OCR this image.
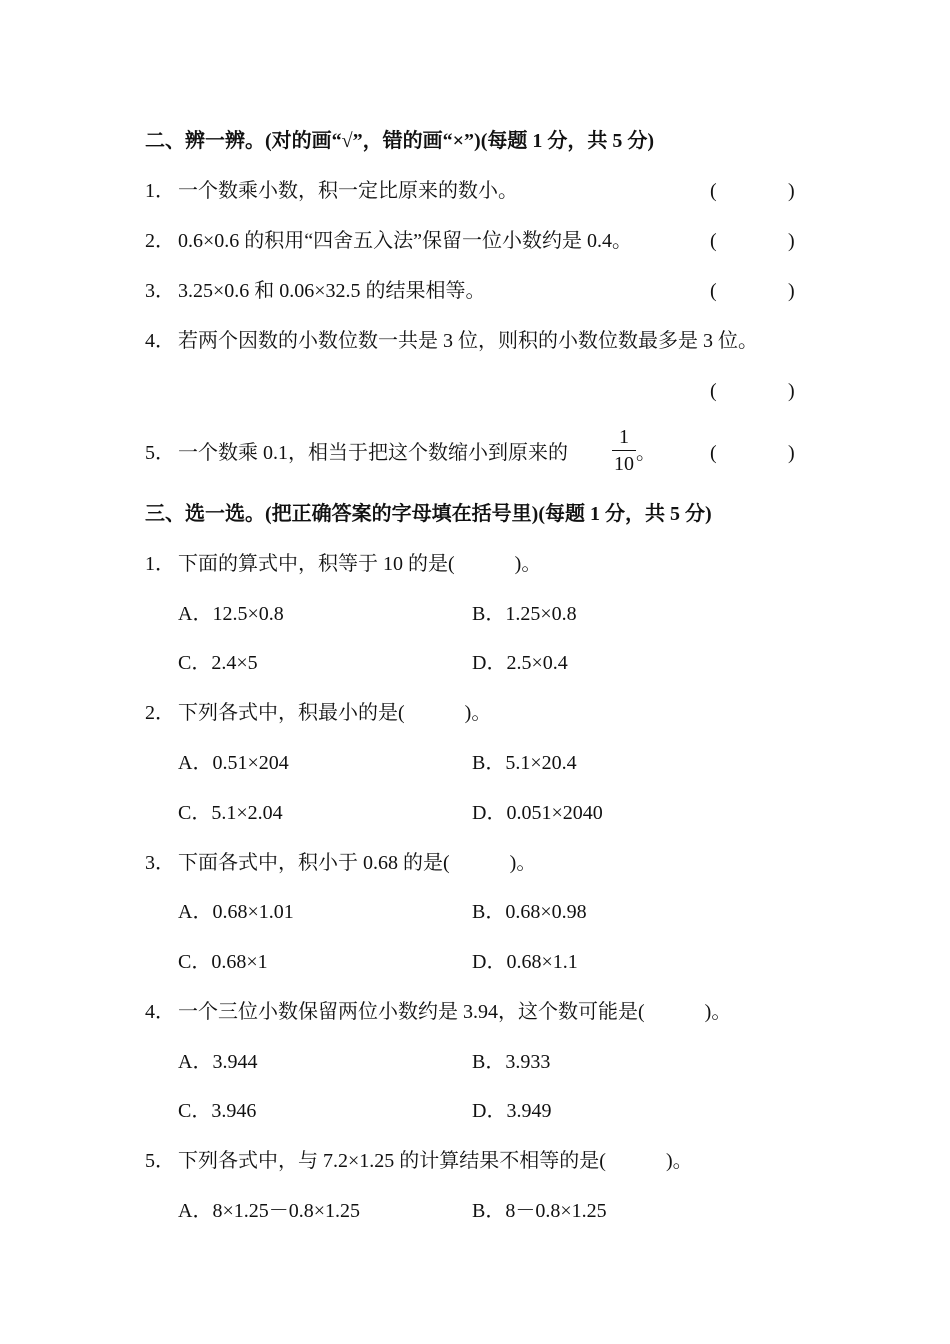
二、辨一辨。(对的画“√”，错的画“×”)(每题 1 分，共 5 分)
1． 一个数乘小数，积一定比原来的数小。	(	)
2． 0.6×0.6 的积用“四舍五入法”保留一位小数约是 0.4。	(	)
3． 3.25×0.6 和 0.06×32.5 的结果相等。	(	)
4． 若两个因数的小数位数一共是 3 位，则积的小数位数最多是 3 位。
(	)
5． 一个数乘 0.1，相当于把这个数缩小到原来的
1
10 。	(	)
三、选一选。(把正确答案的字母填在括号里)(每题 1 分，共 5 分)
1． 下面的算式中，积等于 10 的是(　　　)。
A．12.5×0.8	B．1.25×0.8
C．2.4×5	D．2.5×0.4
2． 下列各式中，积最小的是(　　　)。
A．0.51×204	B．5.1×20.4
C．5.1×2.04	D．0.051×2040
3． 下面各式中，积小于 0.68 的是(　　　)。
A．0.68×1.01	B．0.68×0.98
C．0.68×1	D．0.68×1.1
4． 一个三位小数保留两位小数约是 3.94，这个数可能是(　　　)。
A．3.944	B．3.933
C．3.946	D．3.949
5． 下列各式中，与 7.2×1.25 的计算结果不相等的是(　　　)。
A．8×1.25－0.8×1.25	B．8－0.8×1.25
